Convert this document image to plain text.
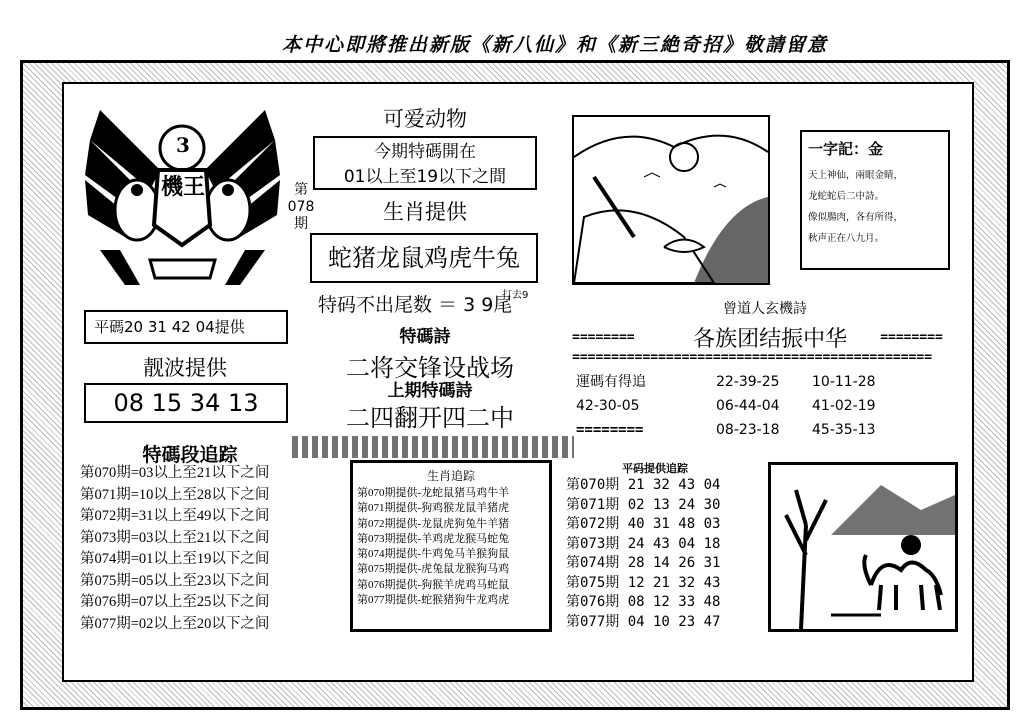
本中心即將推出新版《新八仙》和《新三絶奇招》敬請留意
3
機王	第
078
期
可爱动物
今期特碼開在
01以上至19以下之間
生肖提供
蛇猪龙鼠鸡虎牛兔
特码不出尾数 ＝ 3 9尾
打去9
平碼20 31 42 04提供
靓波提供
08 15 34 13
特碼詩
二将交锋设战场
上期特碼詩
二四翻开四二中
一字記：金
天上神仙，兩眼金睛，
龙蛇蛇后二中詩。
像似腸肉，各有所得，
秋声正在八九月。
曾道人玄機詩
========	各族团结振中华	========
==============================================
運碼有得追	22-39-25 10-11-28
42-30-05	06-44-04 41-02-19
========	08-23-18 45-35-13
特碼段追踪
第070期=03以上至21以下之间
第071期=10以上至28以下之间
第072期=31以上至49以下之间
第073期=03以上至21以下之间
第074期=01以上至19以下之间
第075期=05以上至23以下之间
第076期=07以上至25以下之间
第077期=02以上至20以下之间
生肖追踪
第070期提供-龙蛇鼠猪马鸡牛羊
第071期提供-狗鸡猴龙鼠羊猪虎
第072期提供-龙鼠虎狗兔牛羊猪
第073期提供-羊鸡虎龙猴马蛇兔
第074期提供-牛鸡兔马羊猴狗鼠
第075期提供-虎兔鼠龙猴狗马鸡
第076期提供-狗猴羊虎鸡马蛇鼠
第077期提供-蛇猴猪狗牛龙鸡虎
平码提供追踪
第070期 21 32 43 04
第071期 02 13 24 30
第072期 40 31 48 03
第073期 24 43 04 18
第074期 28 14 26 31
第075期 12 21 32 43
第076期 08 12 33 48
第077期 04 10 23 47
